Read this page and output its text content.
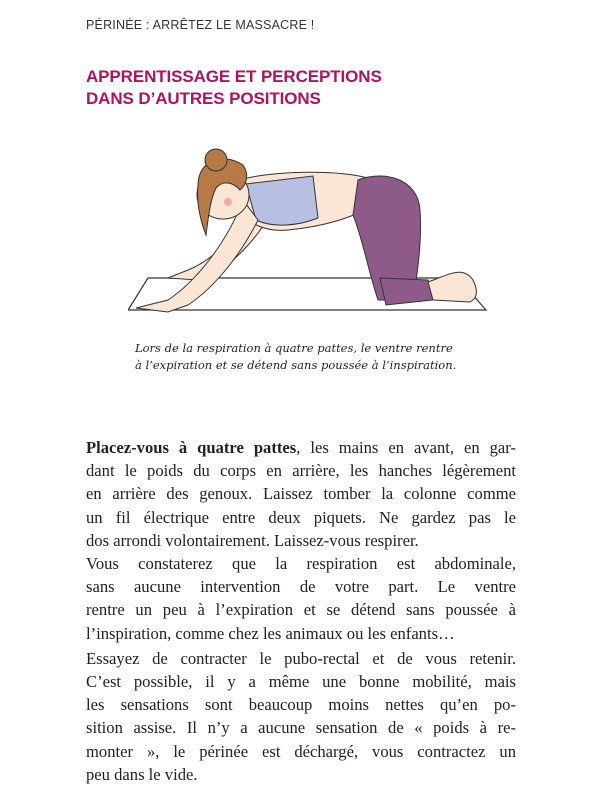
PÉRINÉE : ARRÊTEZ LE MASSACRE !
APPRENTISSAGE ET PERCEPTIONS
DANS D’AUTRES POSITIONS
Lors de la respiration à quatre pattes, le ventre rentre
à l’expiration et se détend sans poussée à l’inspiration.

Placez-vous à quatre pattes, les mains en avant, en gar-
dant le poids du corps en arrière, les hanches légèrement
en arrière des genoux. Laissez tomber la colonne comme
un fil électrique entre deux piquets. Ne gardez pas le
dos arrondi volontairement. Laissez-vous respirer.
Vous constaterez que la respiration est abdominale,
sans aucune intervention de votre part. Le ventre
rentre un peu à l’expiration et se détend sans poussée à
l’inspiration, comme chez les animaux ou les enfants…

Essayez de contracter le pubo-rectal et de vous retenir.
C’est possible, il y a même une bonne mobilité, mais
les sensations sont beaucoup moins nettes qu’en po-
sition assise. Il n’y a aucune sensation de « poids à re-
monter », le périnée est déchargé, vous contractez un
peu dans le vide.
